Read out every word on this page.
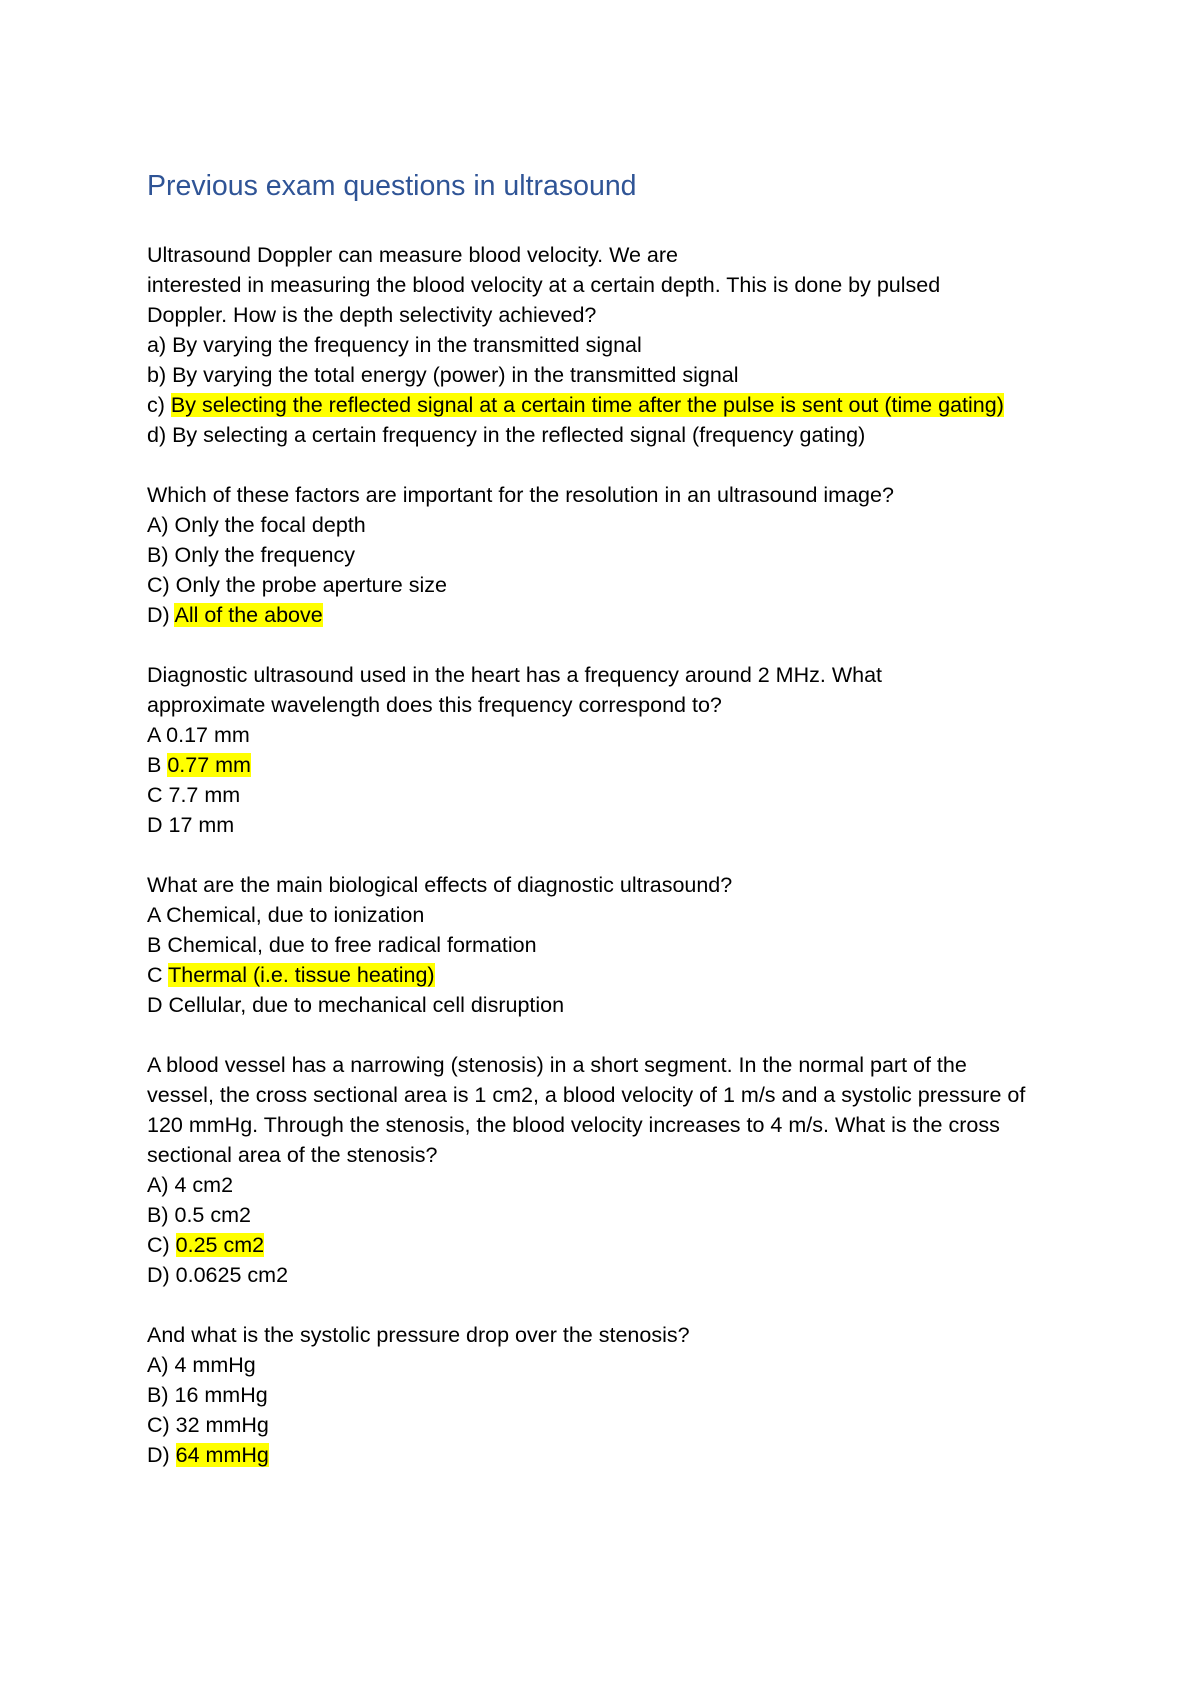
Previous exam questions in ultrasound
Ultrasound Doppler can measure blood velocity. We are
interested in measuring the blood velocity at a certain depth. This is done by pulsed
Doppler. How is the depth selectivity achieved?
a) By varying the frequency in the transmitted signal
b) By varying the total energy (power) in the transmitted signal
c) By selecting the reflected signal at a certain time after the pulse is sent out (time gating)
d) By selecting a certain frequency in the reflected signal (frequency gating)
Which of these factors are important for the resolution in an ultrasound image?
A) Only the focal depth
B) Only the frequency
C) Only the probe aperture size
D) All of the above
Diagnostic ultrasound used in the heart has a frequency around 2 MHz. What
approximate wavelength does this frequency correspond to?
A 0.17 mm
B 0.77 mm
C 7.7 mm
D 17 mm
What are the main biological effects of diagnostic ultrasound?
A Chemical, due to ionization
B Chemical, due to free radical formation
C Thermal (i.e. tissue heating)
D Cellular, due to mechanical cell disruption
A blood vessel has a narrowing (stenosis) in a short segment. In the normal part of the
vessel, the cross sectional area is 1 cm2, a blood velocity of 1 m/s and a systolic pressure of
120 mmHg. Through the stenosis, the blood velocity increases to 4 m/s. What is the cross
sectional area of the stenosis?
A) 4 cm2
B) 0.5 cm2
C) 0.25 cm2
D) 0.0625 cm2
And what is the systolic pressure drop over the stenosis?
A) 4 mmHg
B) 16 mmHg
C) 32 mmHg
D) 64 mmHg
